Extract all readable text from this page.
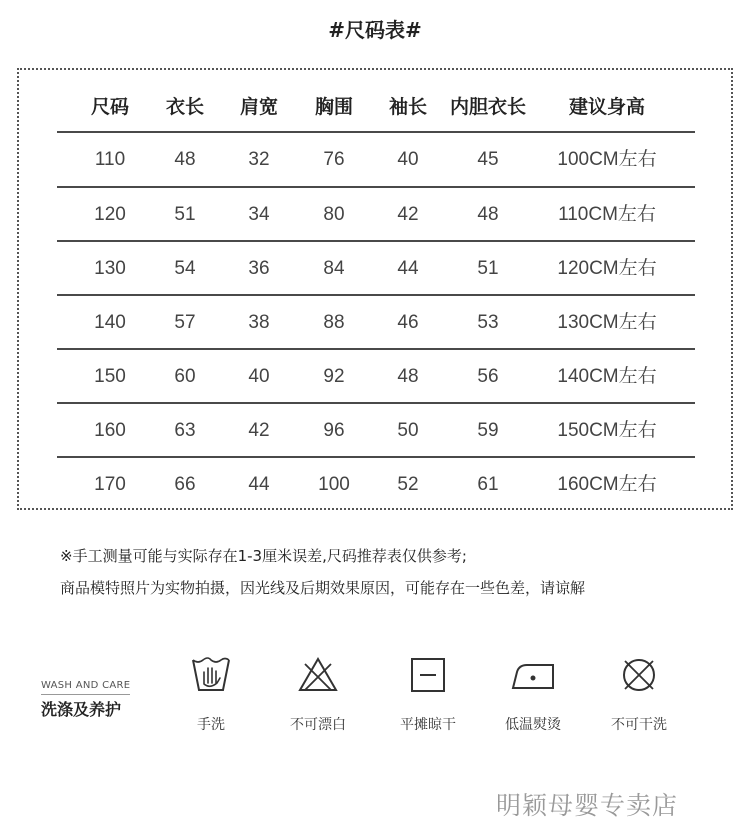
#尺码表#
尺码 衣长 肩宽 胸围 袖长 内胆衣长 建议身高
110	48	32	76	40	45	100CM左右
120	51	34	80	42	48	110CM左右
130	54	36	84	44	51	120CM左右
140	57	38	88	46	53	130CM左右
150	60	40	92	48	56	140CM左右
160	63	42	96	50	59	150CM左右
170	66	44	100	52	61	160CM左右
※手工测量可能与实际存在1-3厘米误差,尺码推荐表仅供参考;
商品模特照片为实物拍摄，因光线及后期效果原因，可能存在一些色差，请谅解
WASH AND CARE
洗涤及养护
手洗	不可漂白	平摊晾干	低温熨烫	不可干洗
明颖母婴专卖店
